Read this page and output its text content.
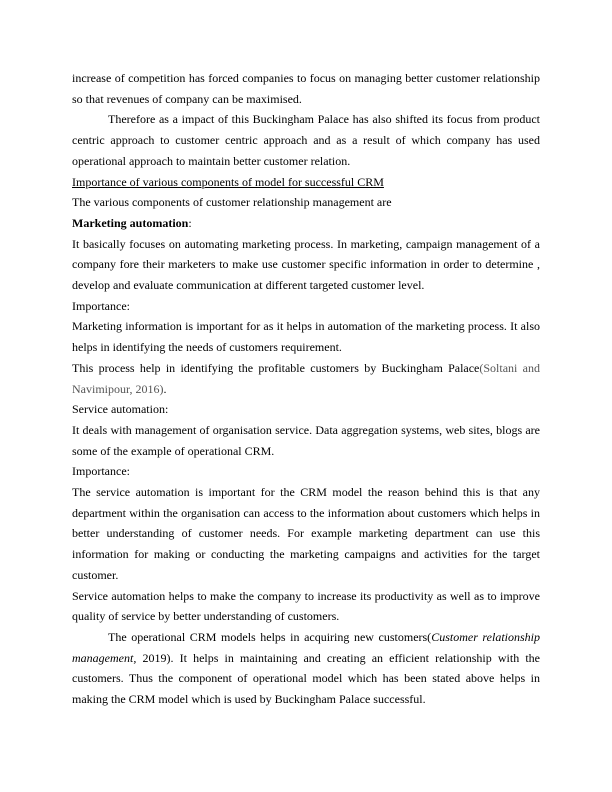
increase of competition has forced companies to focus on managing better customer relationship so that revenues of company can be maximised.

Therefore as a impact of this Buckingham Palace has also shifted its focus from product centric approach to customer centric approach and as a result of which company has used operational approach to maintain better customer relation.

Importance of various components of model for successful CRM

The various components of customer relationship management are

Marketing automation:

It basically focuses on automating marketing process. In marketing, campaign management of a company fore their marketers to make use customer specific information in order to determine , develop and evaluate communication at different targeted customer level.

Importance:

Marketing information is important for as it helps in automation of the marketing process. It also helps in identifying the needs of customers requirement.

This process help in identifying the profitable customers by Buckingham Palace(Soltani and Navimipour, 2016).

Service automation:

It deals with management of organisation service. Data aggregation systems, web sites, blogs are some of the example of operational CRM.

Importance:

The service automation is important for the CRM model the reason behind this is that any department within the organisation can access to the information about customers which helps in better understanding of customer needs. For example marketing department can use this information for making or conducting the marketing campaigns and activities for the target customer.

Service automation helps to make the company to increase its productivity as well as to improve quality of service by better understanding of customers.

The operational CRM models helps in acquiring new customers(Customer relationship management, 2019). It helps in maintaining and creating an efficient relationship with the customers. Thus the component of operational model which has been stated above helps in making the CRM model which is used by Buckingham Palace successful.
